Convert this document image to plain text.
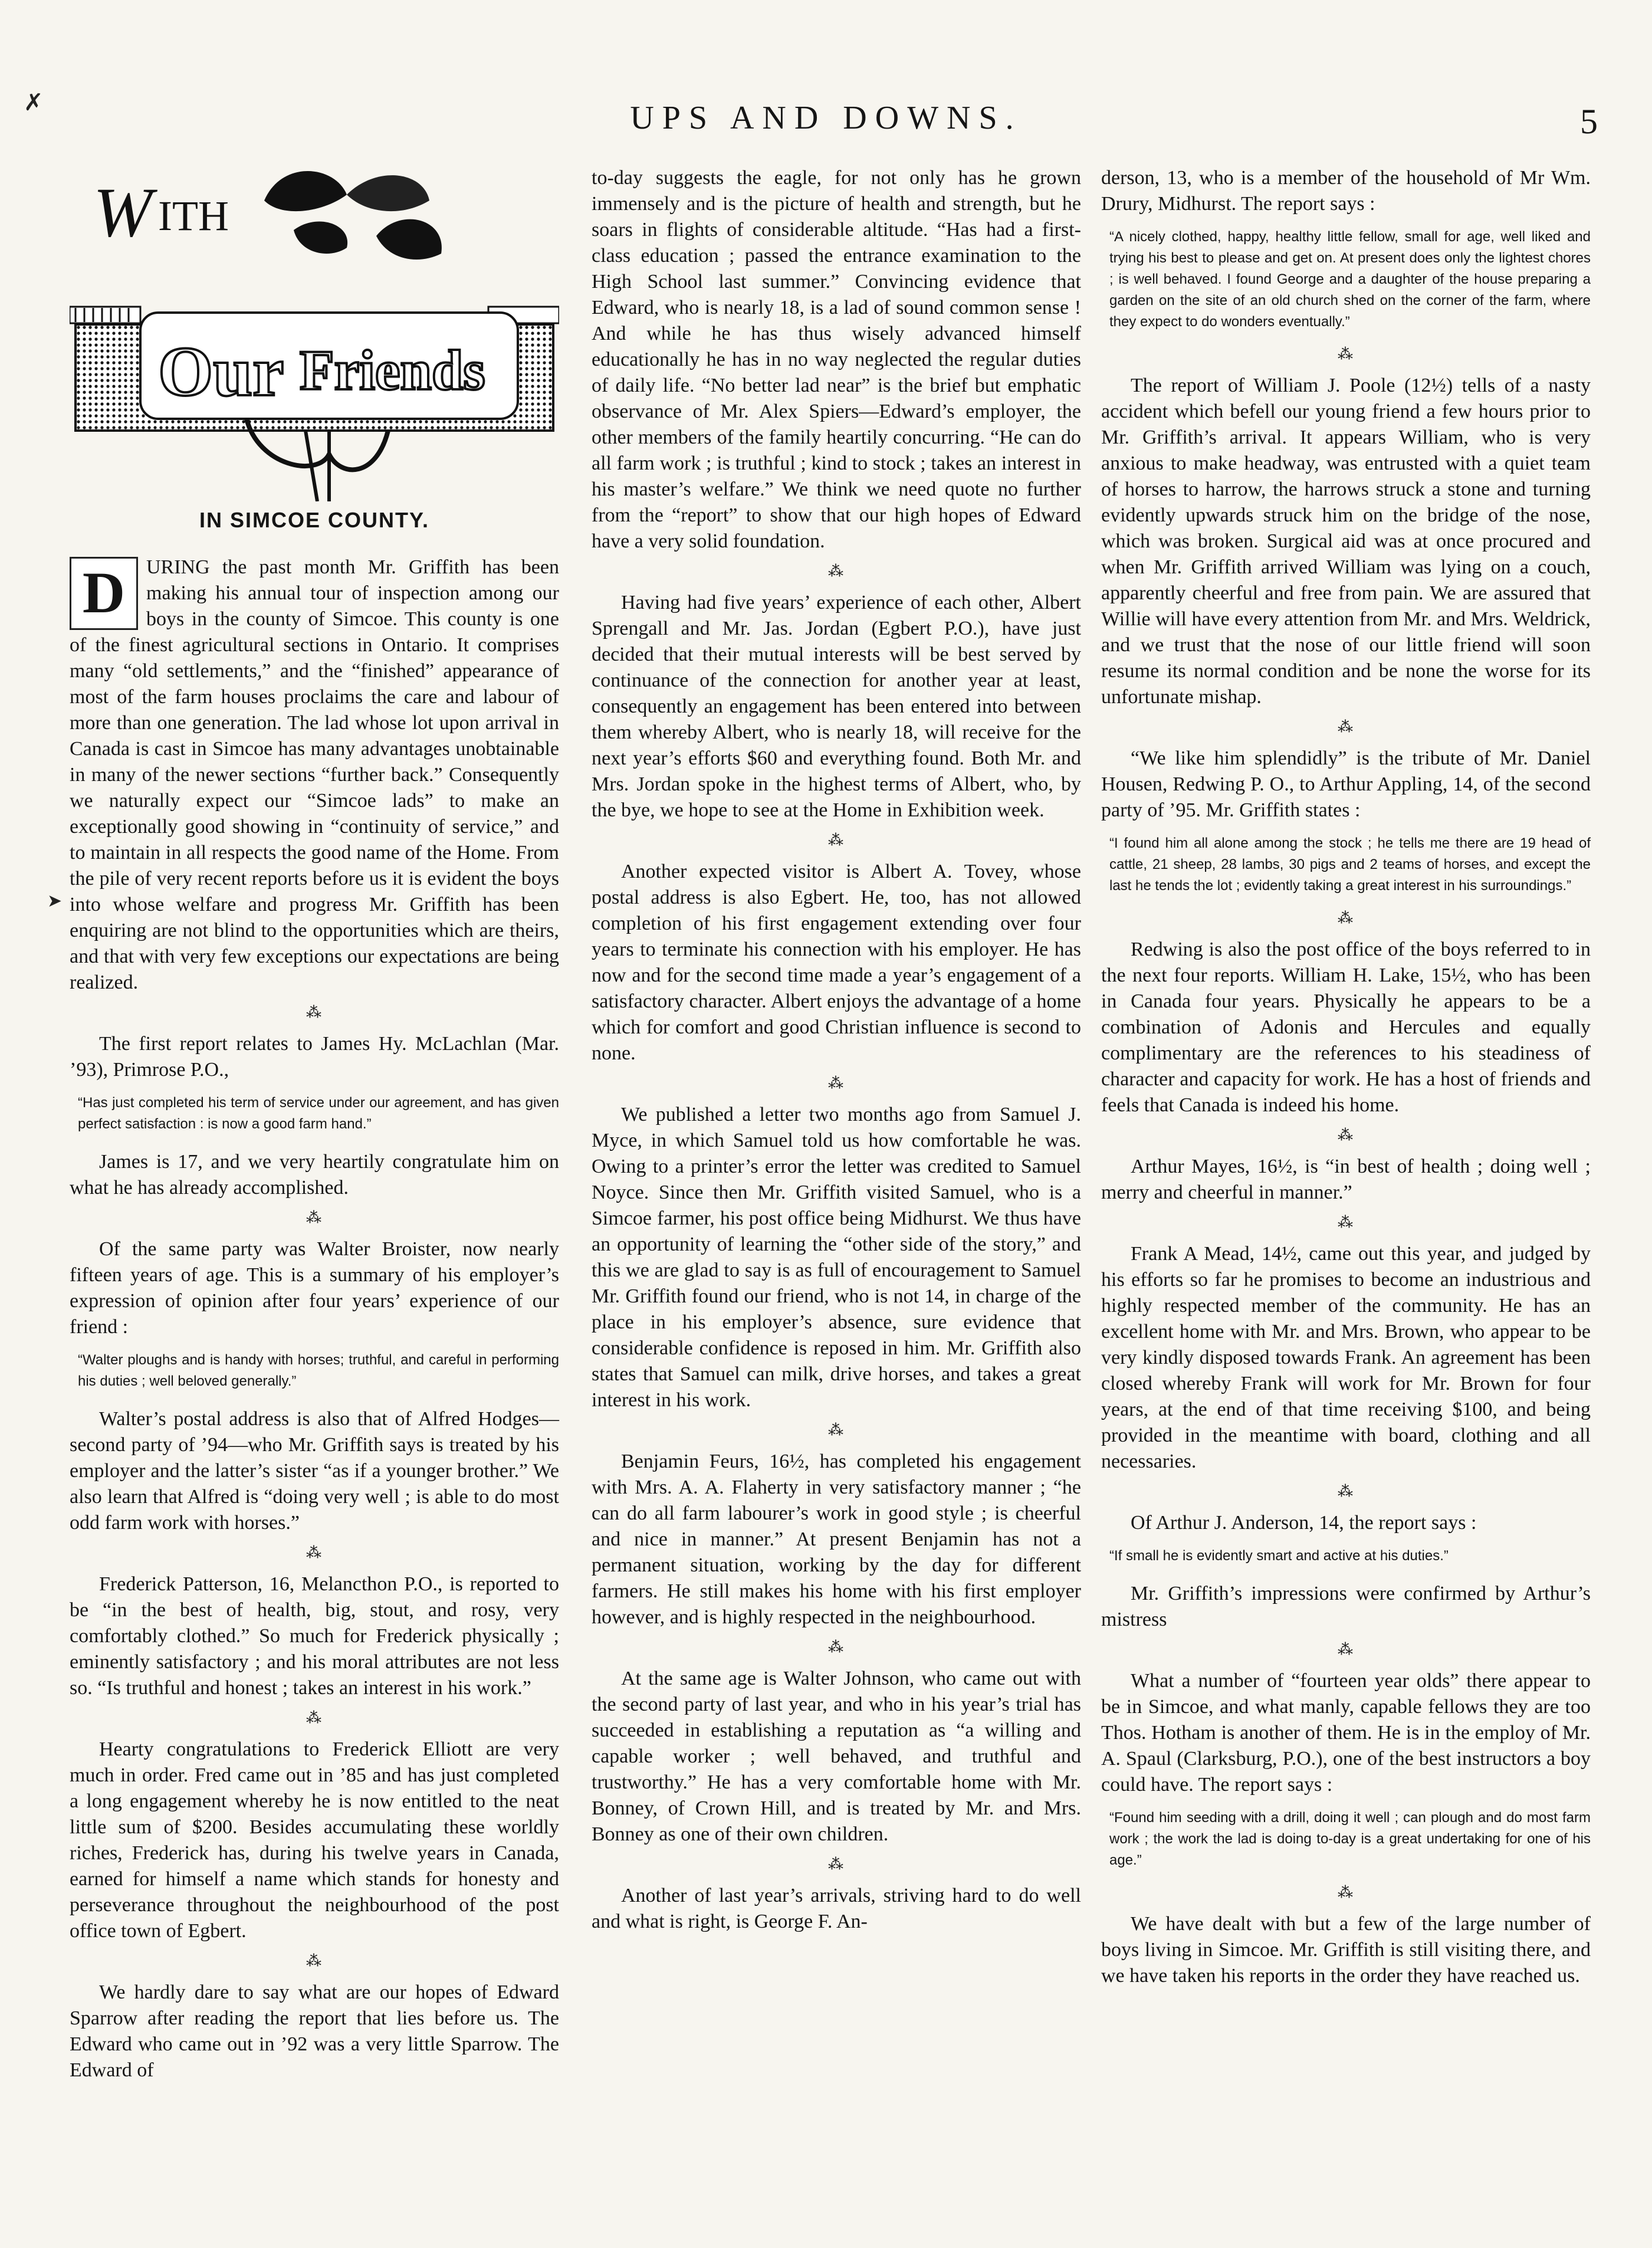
UPS AND DOWNS.	5
✗
➤
W ITH
Our Friends
IN SIMCOE COUNTY.
D	URING the past month Mr. Griffith has been making his annual tour of inspection among our boys in the county of Simcoe. This county is one of the finest agricultural sections in Ontario. It comprises many “old settlements,” and the “finished” appearance of most of the farm houses proclaims the care and labour of more than one generation. The lad whose lot upon arrival in Canada is cast in Simcoe has many advantages unobtainable in many of the newer sections “further back.” Consequently we naturally expect our “Simcoe lads” to make an exceptionally good showing in “continuity of service,” and to maintain in all respects the good name of the Home. From the pile of very recent reports before us it is evident the boys into whose welfare and progress Mr. Griffith has been enquiring are not blind to the opportunities which are theirs, and that with very few exceptions our expectations are being realized.

⁂

The first report relates to James Hy. McLachlan (Mar. ’93), Primrose P.O.,

“Has just completed his term of service under our agreement, and has given perfect satisfaction : is now a good farm hand.”

James is 17, and we very heartily congratulate him on what he has already accomplished.

⁂

Of the same party was Walter Broister, now nearly fifteen years of age. This is a summary of his employer’s expression of opinion after four years’ experience of our friend :

“Walter ploughs and is handy with horses; truthful, and careful in performing his duties ; well beloved generally.”

Walter’s postal address is also that of Alfred Hodges—second party of ’94—who Mr. Griffith says is treated by his employer and the latter’s sister “as if a younger brother.” We also learn that Alfred is “doing very well ; is able to do most odd farm work with horses.”

⁂

Frederick Patterson, 16, Melancthon P.O., is reported to be “in the best of health, big, stout, and rosy, very comfortably clothed.” So much for Frederick physically ; eminently satisfactory ; and his moral attributes are not less so. “Is truthful and honest ; takes an interest in his work.”

⁂

Hearty congratulations to Frederick Elliott are very much in order. Fred came out in ’85 and has just completed a long engagement whereby he is now entitled to the neat little sum of $200. Besides accumulating these worldly riches, Frederick has, during his twelve years in Canada, earned for himself a name which stands for honesty and perseverance throughout the neighbourhood of the post office town of Egbert.

⁂

We hardly dare to say what are our hopes of Edward Sparrow after reading the report that lies before us. The Edward who came out in ’92 was a very little Sparrow. The Edward of

to-day suggests the eagle, for not only has he grown immensely and is the picture of health and strength, but he soars in flights of considerable altitude. “Has had a first-class education ; passed the entrance examination to the High School last summer.” Convincing evidence that Edward, who is nearly 18, is a lad of sound common sense ! And while he has thus wisely advanced himself educationally he has in no way neglected the regular duties of daily life. “No better lad near” is the brief but emphatic observance of Mr. Alex Spiers—Edward’s employer, the other members of the family heartily concurring. “He can do all farm work ; is truthful ; kind to stock ; takes an interest in his master’s welfare.” We think we need quote no further from the “report” to show that our high hopes of Edward have a very solid foundation.

⁂

Having had five years’ experience of each other, Albert Sprengall and Mr. Jas. Jordan (Egbert P.O.), have just decided that their mutual interests will be best served by continuance of the connection for another year at least, consequently an engagement has been entered into between them whereby Albert, who is nearly 18, will receive for the next year’s efforts $60 and everything found. Both Mr. and Mrs. Jordan spoke in the highest terms of Albert, who, by the bye, we hope to see at the Home in Exhibition week.

⁂

Another expected visitor is Albert A. Tovey, whose postal address is also Egbert. He, too, has not allowed completion of his first engagement extending over four years to terminate his connection with his employer. He has now and for the second time made a year’s engagement of a satisfactory character. Albert enjoys the advantage of a home which for comfort and good Christian influence is second to none.

⁂

We published a letter two months ago from Samuel J. Myce, in which Samuel told us how comfortable he was. Owing to a printer’s error the letter was credited to Samuel Noyce. Since then Mr. Griffith visited Samuel, who is a Simcoe farmer, his post office being Midhurst. We thus have an opportunity of learning the “other side of the story,” and this we are glad to say is as full of encouragement to Samuel Mr. Griffith found our friend, who is not 14, in charge of the place in his employer’s absence, sure evidence that considerable confidence is reposed in him. Mr. Griffith also states that Samuel can milk, drive horses, and takes a great interest in his work.

⁂

Benjamin Feurs, 16½, has completed his engagement with Mrs. A. A. Flaherty in very satisfactory manner ; “he can do all farm labourer’s work in good style ; is cheerful and nice in manner.” At present Benjamin has not a permanent situation, working by the day for different farmers. He still makes his home with his first employer however, and is highly respected in the neighbourhood.

⁂

At the same age is Walter Johnson, who came out with the second party of last year, and who in his year’s trial has succeeded in establishing a reputation as “a willing and capable worker ; well behaved, and truthful and trustworthy.” He has a very comfortable home with Mr. Bonney, of Crown Hill, and is treated by Mr. and Mrs. Bonney as one of their own children.

⁂

Another of last year’s arrivals, striving hard to do well and what is right, is George F. An-

derson, 13, who is a member of the household of Mr Wm. Drury, Midhurst. The report says :

“A nicely clothed, happy, healthy little fellow, small for age, well liked and trying his best to please and get on. At present does only the lightest chores ; is well behaved. I found George and a daughter of the house preparing a garden on the site of an old church shed on the corner of the farm, where they expect to do wonders eventually.”
⁂

The report of William J. Poole (12½) tells of a nasty accident which befell our young friend a few hours prior to Mr. Griffith’s arrival. It appears William, who is very anxious to make headway, was entrusted with a quiet team of horses to harrow, the harrows struck a stone and turning evidently upwards struck him on the bridge of the nose, which was broken. Surgical aid was at once procured and when Mr. Griffith arrived William was lying on a couch, apparently cheerful and free from pain. We are assured that Willie will have every attention from Mr. and Mrs. Weldrick, and we trust that the nose of our little friend will soon resume its normal condition and be none the worse for its unfortunate mishap.

⁂

“We like him splendidly” is the tribute of Mr. Daniel Housen, Redwing P. O., to Arthur Appling, 14, of the second party of ’95. Mr. Griffith states :

“I found him all alone among the stock ; he tells me there are 19 head of cattle, 21 sheep, 28 lambs, 30 pigs and 2 teams of horses, and except the last he tends the lot ; evidently taking a great interest in his surroundings.”
⁂

Redwing is also the post office of the boys referred to in the next four reports. William H. Lake, 15½, who has been in Canada four years. Physically he appears to be a combination of Adonis and Hercules and equally complimentary are the references to his steadiness of character and capacity for work. He has a host of friends and feels that Canada is indeed his home.

⁂

Arthur Mayes, 16½, is “in best of health ; doing well ; merry and cheerful in manner.”

⁂

Frank A Mead, 14½, came out this year, and judged by his efforts so far he promises to become an industrious and highly respected member of the community. He has an excellent home with Mr. and Mrs. Brown, who appear to be very kindly disposed towards Frank. An agreement has been closed whereby Frank will work for Mr. Brown for four years, at the end of that time receiving $100, and being provided in the meantime with board, clothing and all necessaries.

⁂

Of Arthur J. Anderson, 14, the report says :

“If small he is evidently smart and active at his duties.”

Mr. Griffith’s impressions were confirmed by Arthur’s mistress

⁂

What a number of “fourteen year olds” there appear to be in Simcoe, and what manly, capable fellows they are too Thos. Hotham is another of them. He is in the employ of Mr. A. Spaul (Clarksburg, P.O.), one of the best instructors a boy could have. The report says :

“Found him seeding with a drill, doing it well ; can plough and do most farm work ; the work the lad is doing to-day is a great undertaking for one of his age.”
⁂

We have dealt with but a few of the large number of boys living in Simcoe. Mr. Griffith is still visiting there, and we have taken his reports in the order they have reached us.
